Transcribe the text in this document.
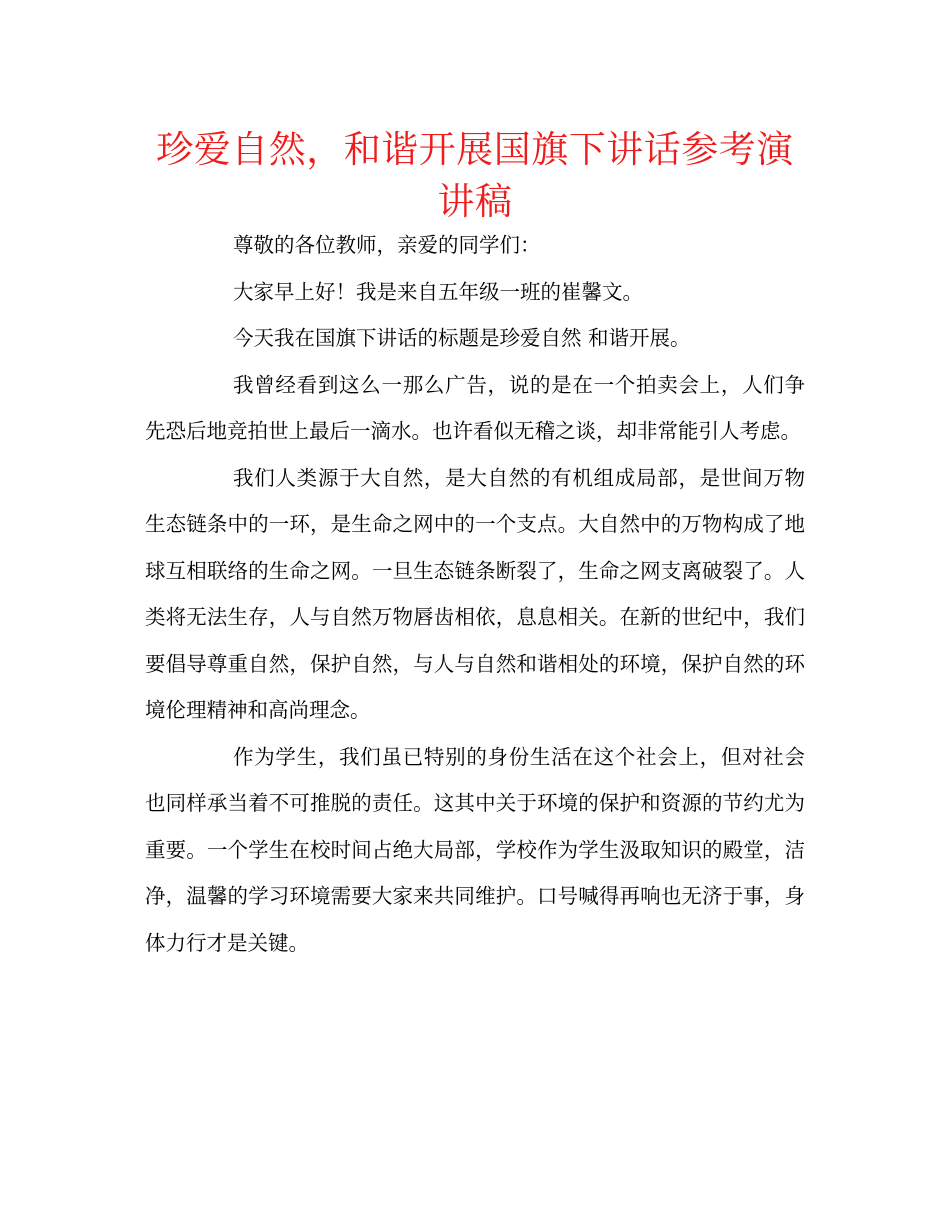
珍爱自然，和谐开展国旗下讲话参考演讲稿

尊敬的各位教师，亲爱的同学们：

大家早上好！我是来自五年级一班的崔馨文。

今天我在国旗下讲话的标题是珍爱自然 和谐开展。

我曾经看到这么一那么广告，说的是在一个拍卖会上，人们争先恐后地竞拍世上最后一滴水。也许看似无稽之谈，却非常能引人考虑。

我们人类源于大自然，是大自然的有机组成局部，是世间万物生态链条中的一环，是生命之网中的一个支点。大自然中的万物构成了地球互相联络的生命之网。一旦生态链条断裂了，生命之网支离破裂了。人类将无法生存，人与自然万物唇齿相依，息息相关。在新的世纪中，我们要倡导尊重自然，保护自然，与人与自然和谐相处的环境，保护自然的环境伦理精神和高尚理念。

作为学生，我们虽已特别的身份生活在这个社会上，但对社会也同样承当着不可推脱的责任。这其中关于环境的保护和资源的节约尤为重要。一个学生在校时间占绝大局部，学校作为学生汲取知识的殿堂，洁净，温馨的学习环境需要大家来共同维护。口号喊得再响也无济于事，身体力行才是关键。
